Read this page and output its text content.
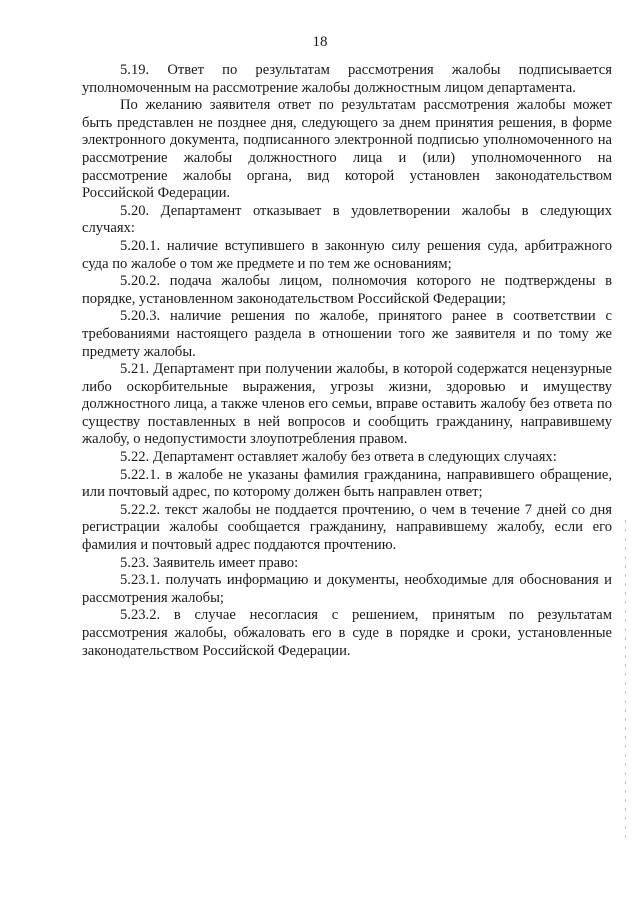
18

5.19. Ответ по результатам рассмотрения жалобы подписывается уполномоченным на рассмотрение жалобы должностным лицом департамента.

По желанию заявителя ответ по результатам рассмотрения жалобы может быть представлен не позднее дня, следующего за днем принятия решения, в форме электронного документа, подписанного электронной подписью уполномоченного на рассмотрение жалобы должностного лица и (или) уполномоченного на рассмотрение жалобы органа, вид которой установлен законодательством Российской Федерации.

5.20. Департамент отказывает в удовлетворении жалобы в следующих случаях:

5.20.1. наличие вступившего в законную силу решения суда, арбитражного суда по жалобе о том же предмете и по тем же основаниям;

5.20.2. подача жалобы лицом, полномочия которого не подтверждены в порядке, установленном законодательством Российской Федерации;

5.20.3. наличие решения по жалобе, принятого ранее в соответствии с требованиями настоящего раздела в отношении того же заявителя и по тому же предмету жалобы.

5.21. Департамент при получении жалобы, в которой содержатся нецензурные либо оскорбительные выражения, угрозы жизни, здоровью и имуществу должностного лица, а также членов его семьи, вправе оставить жалобу без ответа по существу поставленных в ней вопросов и сообщить гражданину, направившему жалобу, о недопустимости злоупотребления правом.

5.22. Департамент оставляет жалобу без ответа в следующих случаях:

5.22.1. в жалобе не указаны фамилия гражданина, направившего обращение, или почтовый адрес, по которому должен быть направлен ответ;

5.22.2. текст жалобы не поддается прочтению, о чем в течение 7 дней со дня регистрации жалобы сообщается гражданину, направившему жалобу, если его фамилия и почтовый адрес поддаются прочтению.

5.23. Заявитель имеет право:

5.23.1. получать информацию и документы, необходимые для обоснования и рассмотрения жалобы;

5.23.2. в случае несогласия с решением, принятым по результатам рассмотрения жалобы, обжаловать его в суде в порядке и сроки, установленные законодательством Российской Федерации.
